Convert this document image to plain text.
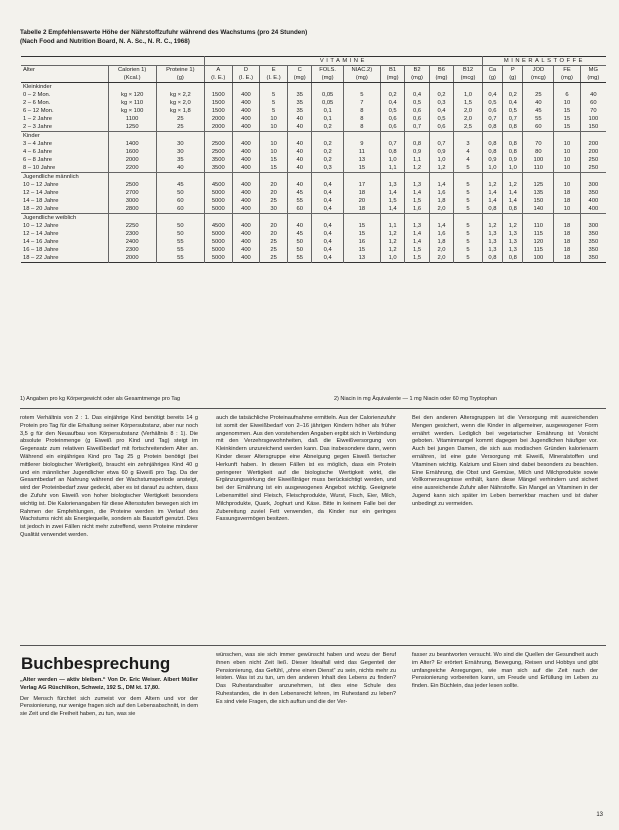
Tabelle 2 Empfehlenswerte Höhe der Nährstoffzufuhr während des Wachstums (pro 24 Stunden)
(Nach Food and Nutrition Board, N. A. Sc., N. R. C., 1968)
			VITAMINE										MINERALSTOFFE				
Alter	Calorien 1)	Proteine 1)	A	D	E	C	FOLS.	NIAC.2)	B1	B2	B6	B12	Ca	P	JOD	FE	MG
	(Kcal.)	(g)	(I. E.)	(I. E.)	(I. E.)	(mg)	(mg)	(mg)	(mg)	(mg)	(mg)	(mcg)	(g)	(g)	(mcg)	(mg)	(mg)
Kleinkinder																	
0 – 2 Mon.	kg × 120	kg × 2,2	1500	400	5	35	0,05	5	0,2	0,4	0,2	1,0	0,4	0,2	25	6	40
2 – 6 Mon.	kg × 110	kg × 2,0	1500	400	5	35	0,05	7	0,4	0,5	0,3	1,5	0,5	0,4	40	10	60
6 – 12 Mon.	kg × 100	kg × 1,8	1500	400	5	35	0,1	8	0,5	0,6	0,4	2,0	0,6	0,5	45	15	70
1 – 2 Jahre	1100	25	2000	400	10	40	0,1	8	0,6	0,6	0,5	2,0	0,7	0,7	55	15	100
2 – 3 Jahre	1250	25	2000	400	10	40	0,2	8	0,6	0,7	0,6	2,5	0,8	0,8	60	15	150
Kinder																	
3 – 4 Jahre	1400	30	2500	400	10	40	0,2	9	0,7	0,8	0,7	3	0,8	0,8	70	10	200
4 – 6 Jahre	1600	30	2500	400	10	40	0,2	11	0,8	0,9	0,9	4	0,8	0,8	80	10	200
6 – 8 Jahre	2000	35	3500	400	15	40	0,2	13	1,0	1,1	1,0	4	0,9	0,9	100	10	250
8 – 10 Jahre	2200	40	3500	400	15	40	0,3	15	1,1	1,2	1,2	5	1,0	1,0	110	10	250
Jugendliche männlich																	
10 – 12 Jahre	2500	45	4500	400	20	40	0,4	17	1,3	1,3	1,4	5	1,2	1,2	125	10	300
12 – 14 Jahre	2700	50	5000	400	20	45	0,4	18	1,4	1,4	1,6	5	1,4	1,4	135	18	350
14 – 18 Jahre	3000	60	5000	400	25	55	0,4	20	1,5	1,5	1,8	5	1,4	1,4	150	18	400
18 – 20 Jahre	2800	60	5000	400	30	60	0,4	18	1,4	1,6	2,0	5	0,8	0,8	140	10	400
Jugendliche weiblich																	
10 – 12 Jahre	2250	50	4500	400	20	40	0,4	15	1,1	1,3	1,4	5	1,2	1,2	110	18	300
12 – 14 Jahre	2300	50	5000	400	20	45	0,4	15	1,2	1,4	1,6	5	1,3	1,3	115	18	350
14 – 16 Jahre	2400	55	5000	400	25	50	0,4	16	1,2	1,4	1,8	5	1,3	1,3	120	18	350
16 – 18 Jahre	2300	55	5000	400	25	50	0,4	15	1,2	1,5	2,0	5	1,3	1,3	115	18	350
18 – 22 Jahre	2000	55	5000	400	25	55	0,4	13	1,0	1,5	2,0	5	0,8	0,8	100	18	350
1) Angaben pro kg Körpergewicht oder als Gesamtmenge pro Tag	2) Niacin in mg Äquivalente — 1 mg Niacin oder 60 mg Tryptophan

rotem Verhältnis von 2 : 1. Das einjährige Kind benötigt bereits 14 g Protein pro Tag für die Erhaltung seiner Körpersubstanz, aber nur noch 3,5 g für den Neuaufbau von Körpersubstanz (Verhältnis 8 : 1). Die absolute Proteinmenge (g Eiweiß pro Kind und Tag) steigt im Gegensatz zum relativen Eiweißbedarf mit fortschreitendem Alter an. Während ein einjähriges Kind pro Tag 25 g Protein benötigt (bei mittlerer biologischer Wertigkeit), braucht ein zehnjähriges Kind 40 g und ein männlicher Jugendlicher etwa 60 g Eiweiß pro Tag. Da der Gesamtbedarf an Nahrung während der Wachstumsperiode ansteigt, wird der Proteinbedarf zwar gedeckt, aber es ist darauf zu achten, dass die Zufuhr von Eiweiß von hoher biologischer Wertigkeit besonders wichtig ist. Die Kalorienangaben für diese Altersstufen bewegen sich im Rahmen der Empfehlungen, die Proteine werden im Verlauf des Wachstums nicht als Energiequelle, sondern als Baustoff genutzt. Dies ist jedoch in zwei Fällen nicht mehr zutreffend, wenn Proteine minderer Qualität verwendet werden.

auch die tatsächliche Proteinaufnahme ermitteln. Aus der Calorienzufuhr ist somit der Eiweißbedarf von 2–16 jährigen Kindern höher als früher angenommen. Aus den vorstehenden Angaben ergibt sich in Verbindung mit den Verzehrsgewohnheiten, daß die Eiweißversorgung von Kleinkindern unzureichend werden kann. Das insbesondere dann, wenn Kinder dieser Altersgruppe eine Abneigung gegen Eiweiß tierischer Herkunft haben. In diesen Fällen ist es möglich, dass ein Protein geringerer Wertigkeit auf die biologische Wertigkeit wirkt, die Ergänzungswirkung der Eiweißträger muss berücksichtigt werden, und bei der Ernährung ist ein ausgewogenes Angebot wichtig. Geeignete Lebensmittel sind Fleisch, Fleischprodukte, Wurst, Fisch, Eier, Milch, Milchprodukte, Quark, Joghurt und Käse. Bitte in keinem Falle bei der Zubereitung zuviel Fett verwenden, da Kinder nur ein geringes Fassungsvermögen besitzen.

Bei den anderen Altersgruppen ist die Versorgung mit ausreichenden Mengen gesichert, wenn die Kinder in allgemeiner, ausgewogener Form ernährt werden. Lediglich bei vegetarischer Ernährung ist Vorsicht geboten. Vitaminmangel kommt dagegen bei Jugendlichen häufiger vor. Auch bei jungen Damen, die sich aus modischen Gründen kalorienarm ernähren, ist eine gute Versorgung mit Eiweiß, Mineralstoffen und Vitaminen wichtig. Kalzium und Eisen sind dabei besonders zu beachten. Eine Ernährung, die Obst und Gemüse, Milch und Milchprodukte sowie Vollkornerzeugnisse enthält, kann diese Mängel verhindern und sichert eine ausreichende Zufuhr aller Nährstoffe. Ein Mangel an Vitaminen in der Jugend kann sich später im Leben bemerkbar machen und ist daher unbedingt zu vermeiden.

Buchbesprechung

„Älter werden — aktiv bleiben.“ Von Dr. Eric Weiser. Albert Müller Verlag AG Rüschlikon, Schweiz, 192 S., DM kt. 17,80.

Der Mensch fürchtet sich zumeist vor dem Altern und vor der Pensionierung, nur wenige fragen sich auf den Lebensabschnitt, in dem sie Zeit und die Freiheit haben, zu tun, was sie

wünschen, was sie sich immer gewünscht haben und wozu der Beruf ihnen eben nicht Zeit ließ. Dieser Idealfall wird das Gegenteil der Pensionierung, das Gefühl, „ohne einen Dienst“ zu sein, nichts mehr zu leisten. Was ist zu tun, um den anderen Inhalt des Lebens zu finden? Das Ruhestandsalter anzunehmen, ist dies eine Schule des Ruhestandes, die in den Lebensrecht lehren, im Ruhestand zu leben? Es sind viele Fragen, die sich auftun und die der Ver-

fasser zu beantworten versucht. Wo sind die Quellen der Gesundheit auch im Alter? Er erörtert Ernährung, Bewegung, Reisen und Hobbys und gibt umfangreiche Anregungen, wie man sich auf die Zeit nach der Pensionierung vorbereiten kann, um Freude und Erfüllung im Leben zu finden. Ein Büchlein, das jeder lesen sollte.

13
